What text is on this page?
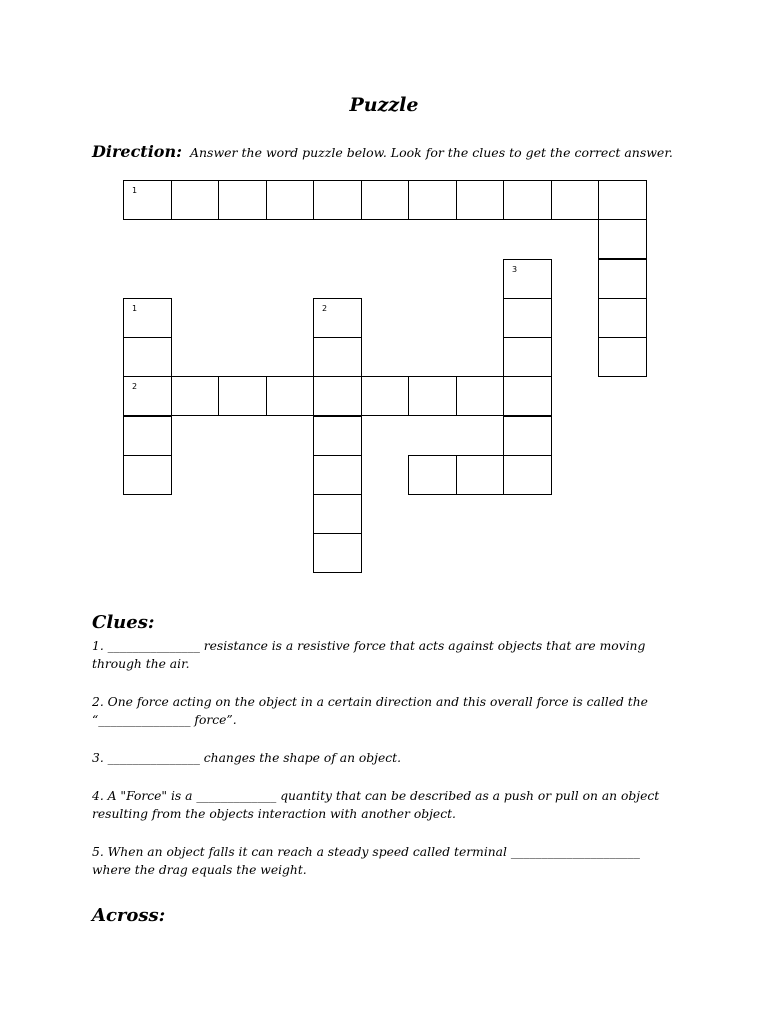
Puzzle
Direction: Answer the word puzzle below. Look for the clues to get the correct answer.
1
3
1	2
2
Clues:
1. _______________ resistance is a resistive force that acts against objects that are moving through the air.
2. One force acting on the object in a certain direction and this overall force is called the “_______________ force”.
3. _______________ changes the shape of an object.
4. A "Force" is a _____________ quantity that can be described as a push or pull on an object resulting from the objects interaction with another object.
5. When an object falls it can reach a steady speed called terminal _____________________ where the drag equals the weight.
Across:
